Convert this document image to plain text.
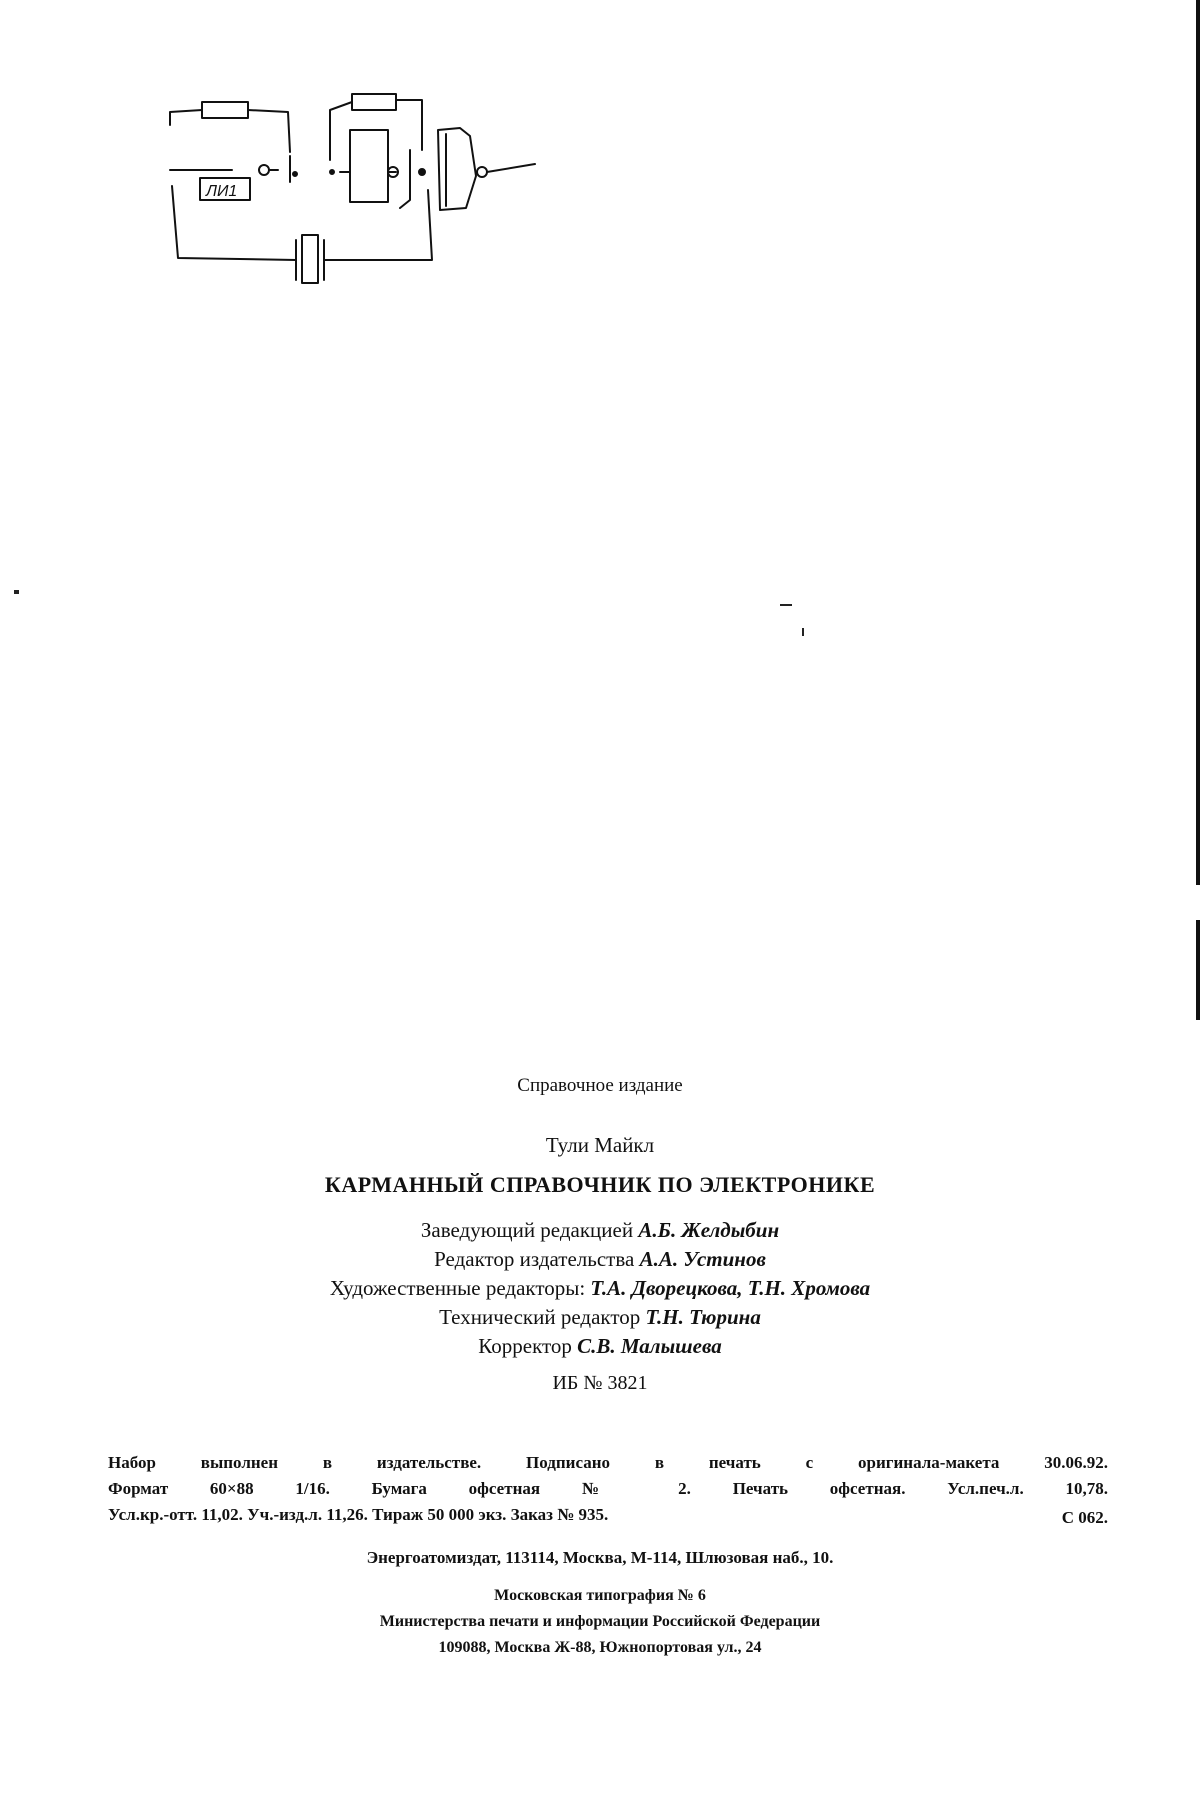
ЛИ1
Справочное издание
Тули Майкл
КАРМАННЫЙ СПРАВОЧНИК ПО ЭЛЕКТРОНИКЕ
Заведующий редакцией А.Б. Желдыбин
Редактор издательства А.А. Устинов
Художественные редакторы: Т.А. Дворецкова, Т.Н. Хромова
Технический редактор Т.Н. Тюрина
Корректор С.В. Малышева
ИБ № 3821
Набор выполнен в издательстве. Подписано в печать с оригинала-макета 30.06.92.
Формат 60×88 1/16. Бумага офсетная № 2. Печать офсетная. Усл.печ.л. 10,78.
Усл.кр.-отт. 11,02. Уч.-изд.л. 11,26. Тираж 50 000 экз. Заказ № 935.	С 062.
Энергоатомиздат, 113114, Москва, М-114, Шлюзовая наб., 10.
Московская типография № 6
Министерства печати и информации Российской Федерации
109088, Москва Ж-88, Южнопортовая ул., 24
